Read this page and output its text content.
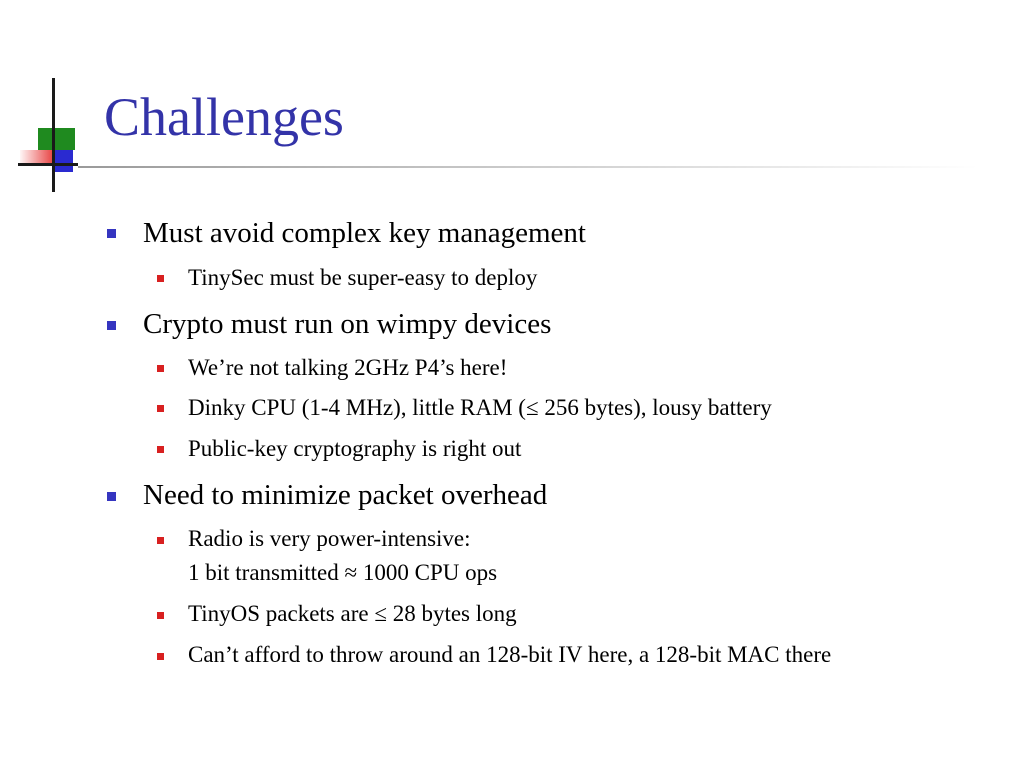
Challenges
Must avoid complex key management
TinySec must be super-easy to deploy
Crypto must run on wimpy devices
We’re not talking 2GHz P4’s here!
Dinky CPU (1-4 MHz), little RAM (≤ 256 bytes), lousy battery
Public-key cryptography is right out
Need to minimize packet overhead
Radio is very power-intensive:
1 bit transmitted ≈ 1000 CPU ops
TinyOS packets are ≤ 28 bytes long
Can’t afford to throw around an 128-bit IV here, a 128-bit MAC there
